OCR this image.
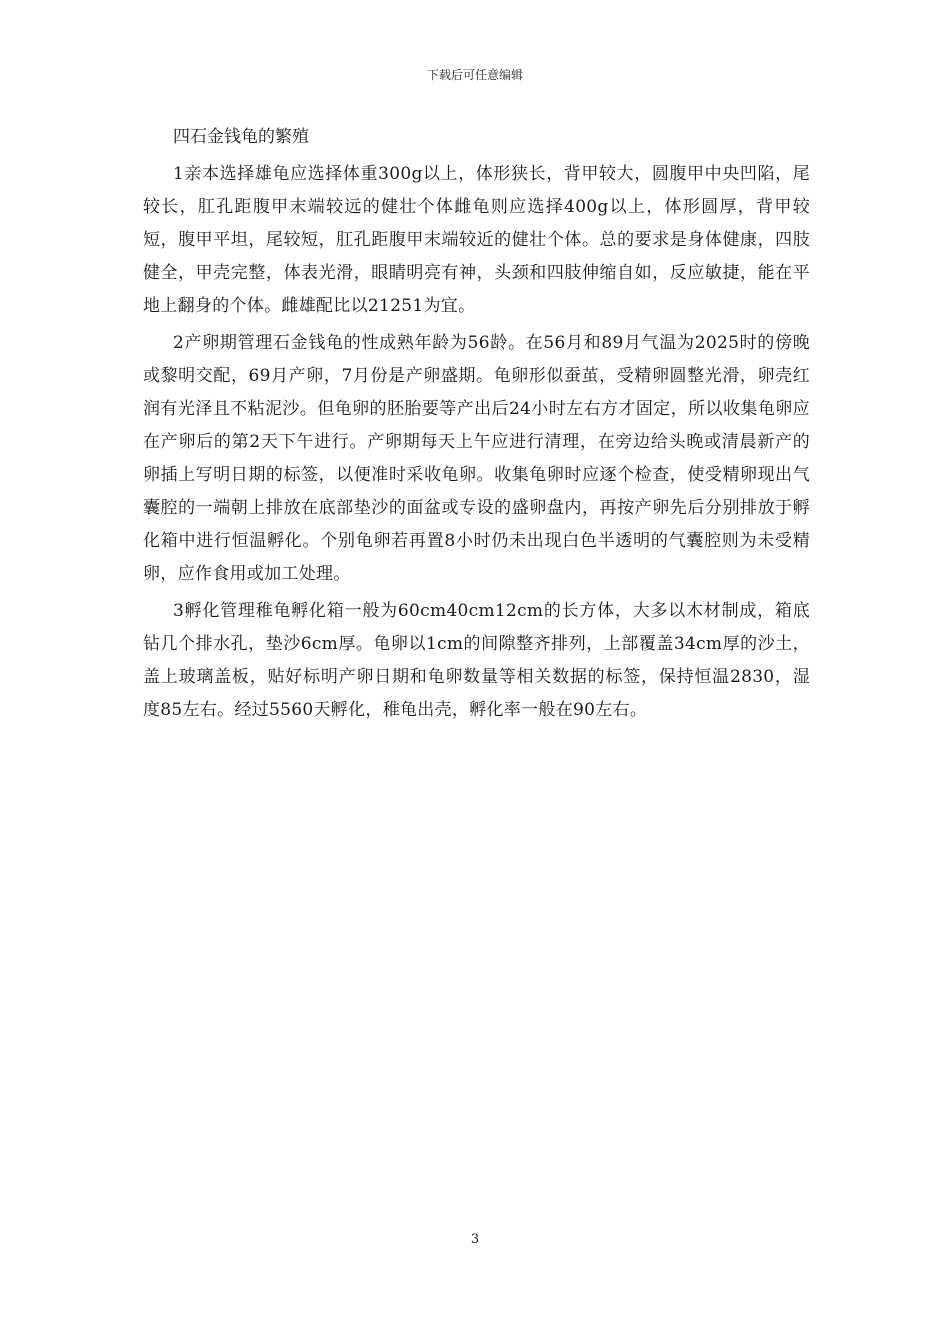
下载后可任意编辑

四石金钱龟的繁殖

1亲本选择雄龟应选择体重300g以上，体形狭长，背甲较大，圆腹甲中央凹陷，尾较长，肛孔距腹甲末端较远的健壮个体雌龟则应选择400g以上，体形圆厚，背甲较短，腹甲平坦，尾较短，肛孔距腹甲末端较近的健壮个体。总的要求是身体健康，四肢健全，甲壳完整，体表光滑，眼睛明亮有神，头颈和四肢伸缩自如，反应敏捷，能在平地上翻身的个体。雌雄配比以21251为宜。

2产卵期管理石金钱龟的性成熟年龄为56龄。在56月和89月气温为2025时的傍晚或黎明交配，69月产卵，7月份是产卵盛期。龟卵形似蚕茧，受精卵圆整光滑，卵壳红润有光泽且不粘泥沙。但龟卵的胚胎要等产出后24小时左右方才固定，所以收集龟卵应在产卵后的第2天下午进行。产卵期每天上午应进行清理，在旁边给头晚或清晨新产的卵插上写明日期的标签，以便准时采收龟卵。收集龟卵时应逐个检查，使受精卵现出气囊腔的一端朝上排放在底部垫沙的面盆或专设的盛卵盘内，再按产卵先后分别排放于孵化箱中进行恒温孵化。个别龟卵若再置8小时仍未出现白色半透明的气囊腔则为未受精卵，应作食用或加工处理。

3孵化管理稚龟孵化箱一般为60cm40cm12cm的长方体，大多以木材制成，箱底钻几个排水孔，垫沙6cm厚。龟卵以1cm的间隙整齐排列，上部覆盖34cm厚的沙土，盖上玻璃盖板，贴好标明产卵日期和龟卵数量等相关数据的标签，保持恒温2830，湿度85左右。经过5560天孵化，稚龟出壳，孵化率一般在90左右。

3
